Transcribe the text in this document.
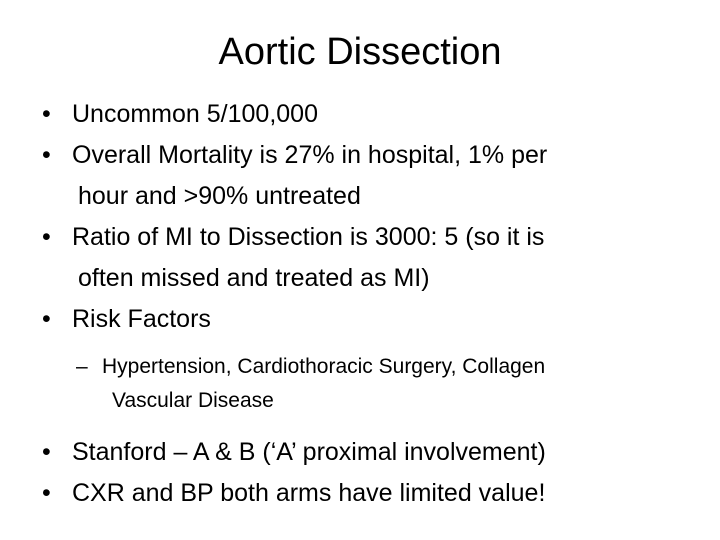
Aortic Dissection
• Uncommon 5/100,000
• Overall Mortality is 27% in hospital, 1% per
hour and >90% untreated
• Ratio of MI to Dissection is 3000: 5 (so it is
often missed and treated as MI)
• Risk Factors
– Hypertension, Cardiothoracic Surgery, Collagen
Vascular Disease
• Stanford – A & B (‘A’ proximal involvement)
• CXR and BP both arms have limited value!
